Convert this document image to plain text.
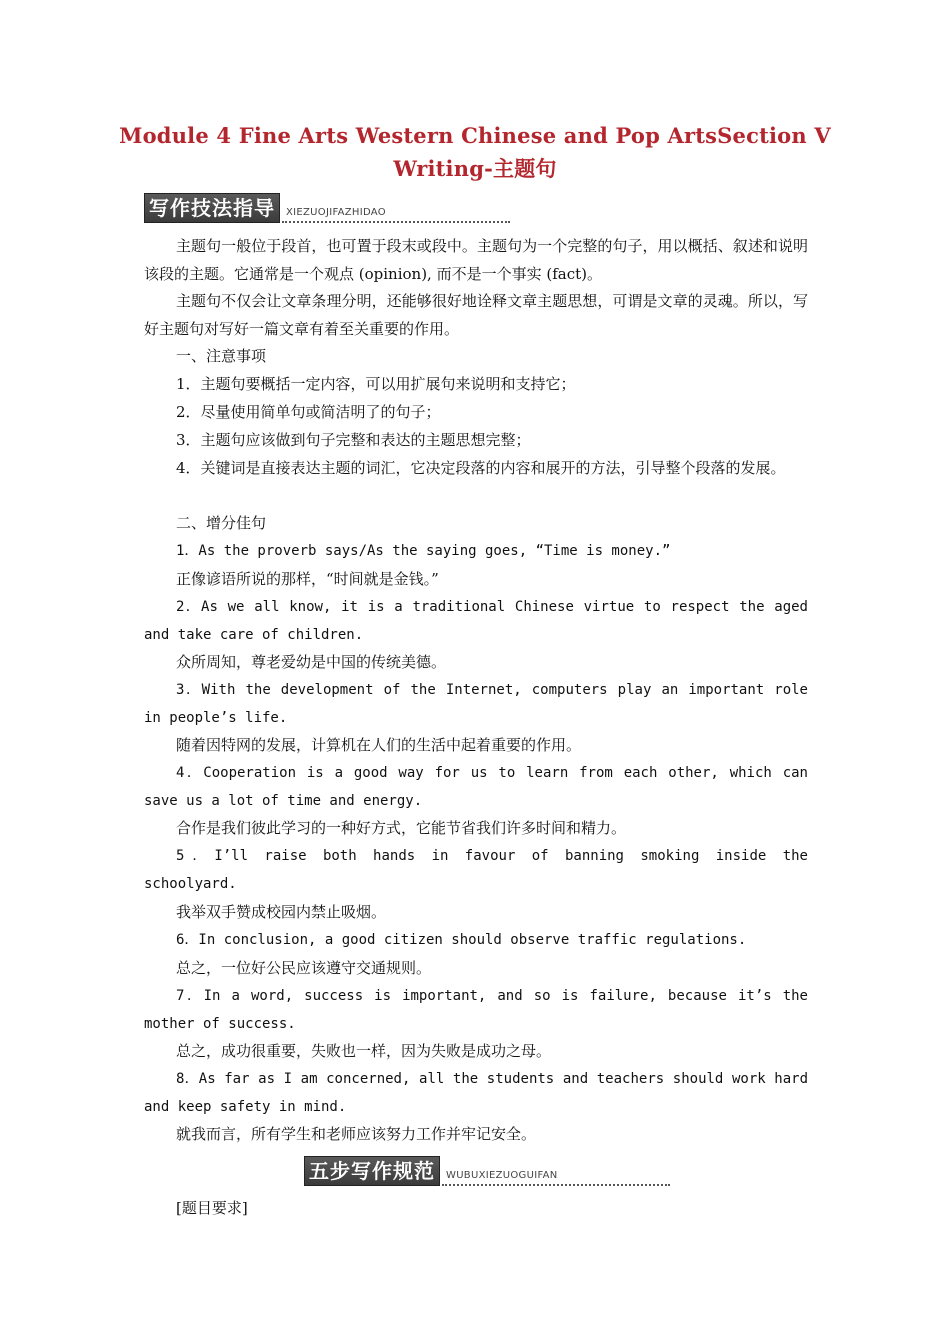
Module 4 Fine Arts Western Chinese and Pop ArtsSection Ⅴ
Writing-主题句
写作技法指导	XIEZUOJIFAZHIDAO
主题句一般位于段首，也可置于段末或段中。主题句为一个完整的句子，用以概括、叙述和说明该段的主题。它通常是一个观点 (opinion), 而不是一个事实 (fact)。
主题句不仅会让文章条理分明，还能够很好地诠释文章主题思想，可谓是文章的灵魂。所以，写好主题句对写好一篇文章有着至关重要的作用。
一、注意事项
1．主题句要概括一定内容，可以用扩展句来说明和支持它；
2．尽量使用简单句或简洁明了的句子；
3．主题句应该做到句子完整和表达的主题思想完整；
4．关键词是直接表达主题的词汇，它决定段落的内容和展开的方法，引导整个段落的发展。
二、增分佳句
1．As the proverb says/As the saying goes, “Time is money.”
正像谚语所说的那样，“时间就是金钱。”
2．As we all know, it is a traditional Chinese virtue to respect the aged and take care of children.
众所周知，尊老爱幼是中国的传统美德。
3．With the development of the Internet, computers play an important role in people’s life.
随着因特网的发展，计算机在人们的生活中起着重要的作用。
4．Cooperation is a good way for us to learn from each other, which can save us a lot of time and energy.
合作是我们彼此学习的一种好方式，它能节省我们许多时间和精力。
5．I’ll raise both hands in favour of banning smoking inside the schoolyard.
我举双手赞成校园内禁止吸烟。
6．In conclusion, a good citizen should observe traffic regulations.
总之，一位好公民应该遵守交通规则。
7．In a word, success is important, and so is failure, because it’s the mother of success.
总之，成功很重要，失败也一样，因为失败是成功之母。
8．As far as I am concerned, all the students and teachers should work hard and keep safety in mind.
就我而言，所有学生和老师应该努力工作并牢记安全。
五步写作规范	WUBUXIEZUOGUIFAN
[题目要求]
